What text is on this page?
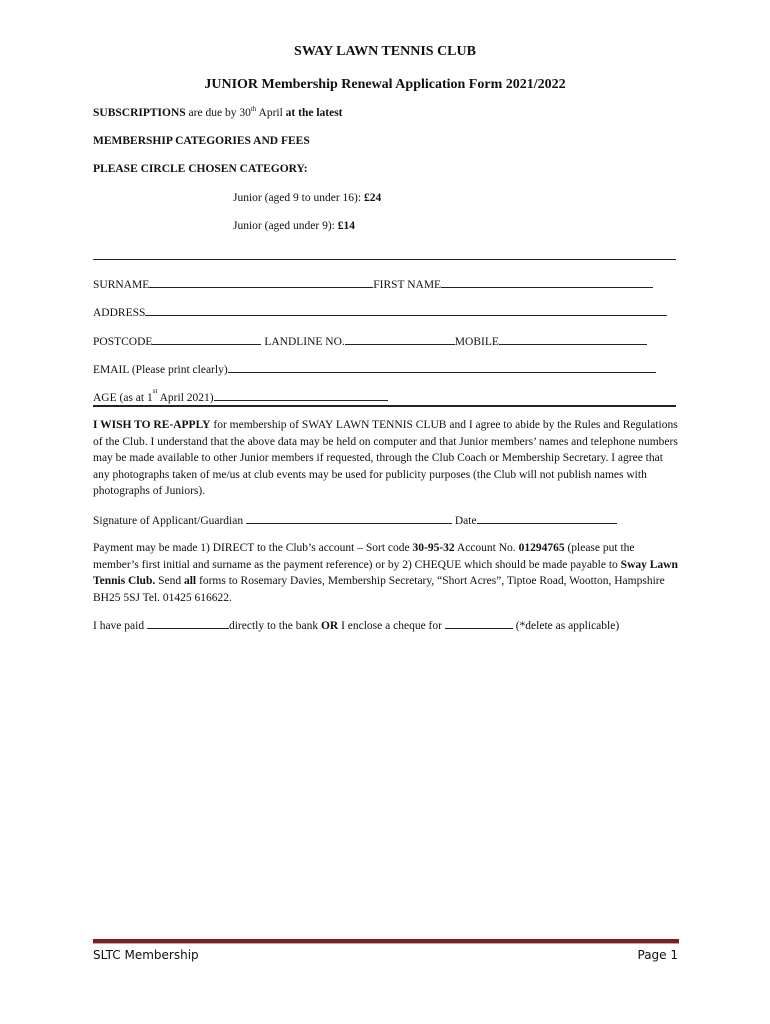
SWAY LAWN TENNIS CLUB
JUNIOR Membership Renewal Application Form 2021/2022
SUBSCRIPTIONS are due by 30th April at the latest
MEMBERSHIP CATEGORIES AND FEES
PLEASE CIRCLE CHOSEN CATEGORY:
Junior (aged 9 to under 16): £24
Junior (aged under 9): £14
SURNAME	FIRST NAME
ADDRESS
POSTCODE	LANDLINE NO.	MOBILE
EMAIL (Please print clearly)
AGE (as at 1st April 2021)
I WISH TO RE-APPLY for membership of SWAY LAWN TENNIS CLUB and I agree to abide by the Rules and Regulations of the Club. I understand that the above data may be held on computer and that Junior members’ names and telephone numbers may be made available to other Junior members if requested, through the Club Coach or Membership Secretary. I agree that any photographs taken of me/us at club events may be used for publicity purposes (the Club will not publish names with photographs of Juniors).
Signature of Applicant/Guardian	Date
Payment may be made 1) DIRECT to the Club’s account – Sort code 30-95-32 Account No. 01294765 (please put the member’s first initial and surname as the payment reference) or by 2) CHEQUE which should be made payable to Sway Lawn Tennis Club. Send all forms to Rosemary Davies, Membership Secretary, “Short Acres”, Tiptoe Road, Wootton, Hampshire BH25 5SJ Tel. 01425 616622.
I have paid	directly to the bank OR I enclose a cheque for	(*delete as applicable)
SLTC Membership	Page 1
